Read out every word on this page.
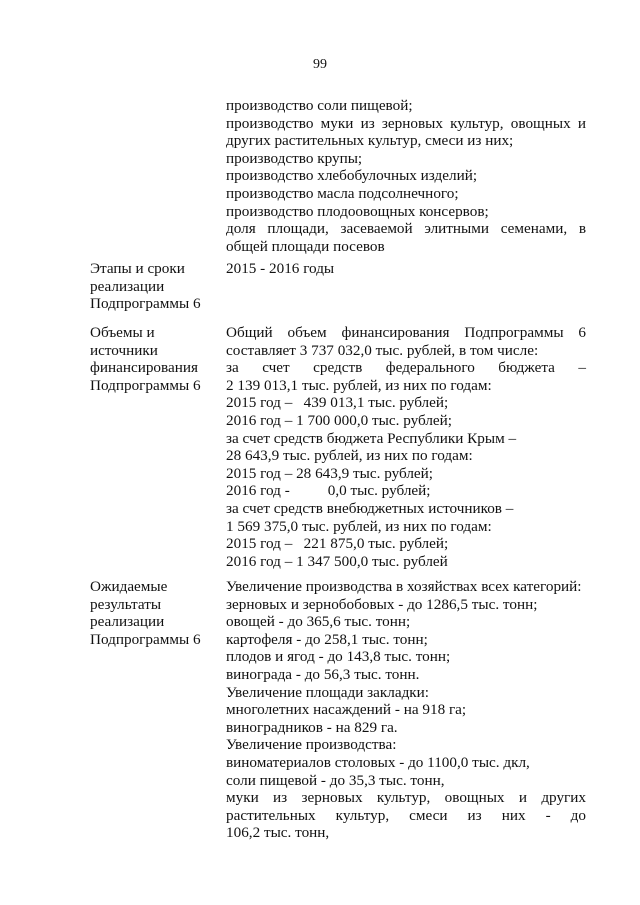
99
производство соли пищевой;
производство муки из зерновых культур, овощных и
других растительных культур, смеси из них;
производство крупы;
производство хлебобулочных изделий;
производство масла подсолнечного;
производство плодоовощных консервов;
доля площади, засеваемой элитными семенами, в
общей площади посевов
Этапы и сроки
реализации
Подпрограммы 6
2015 - 2016 годы
Объемы и
источники
финансирования
Подпрограммы 6
Общий объем финансирования Подпрограммы 6
составляет 3 737 032,0 тыс. рублей, в том числе:
за счет средств федерального бюджета –
2 139 013,1 тыс. рублей, из них по годам:
2015 год –   439 013,1 тыс. рублей;
2016 год – 1 700 000,0 тыс. рублей;
за счет средств бюджета Республики Крым –
28 643,9 тыс. рублей, из них по годам:
2015 год – 28 643,9 тыс. рублей;
2016 год -          0,0 тыс. рублей;
за счет средств внебюджетных источников –
1 569 375,0 тыс. рублей, из них по годам:
2015 год –   221 875,0 тыс. рублей;
2016 год – 1 347 500,0 тыс. рублей
Ожидаемые
результаты
реализации
Подпрограммы 6
Увеличение производства в хозяйствах всех категорий:
зерновых и зернобобовых - до 1286,5 тыс. тонн;
овощей - до 365,6 тыс. тонн;
картофеля - до 258,1 тыс. тонн;
плодов и ягод - до 143,8 тыс. тонн;
винограда - до 56,3 тыс. тонн.
Увеличение площади закладки:
многолетних насаждений - на 918 га;
виноградников - на 829 га.
Увеличение производства:
виноматериалов столовых - до 1100,0 тыс. дкл,
соли пищевой - до 35,3 тыс. тонн,
муки из зерновых культур, овощных и других
растительных культур, смеси из них - до
106,2 тыс. тонн,
